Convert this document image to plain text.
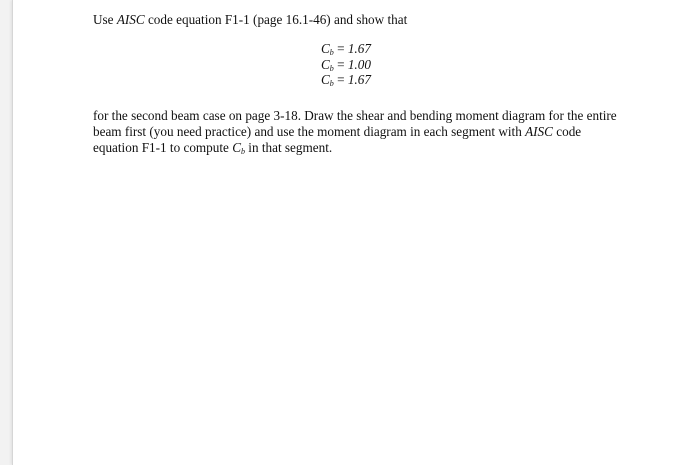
Use AISC code equation F1-1 (page 16.1-46) and show that

$C_b = 1.67$
$C_b = 1.00$
$C_b = 1.67$
for the second beam case on page 3-18. Draw the shear and bending moment diagram for the entire
beam first (you need practice) and use the moment diagram in each segment with AISC code
equation F1-1 to compute $C_b$ in that segment.
